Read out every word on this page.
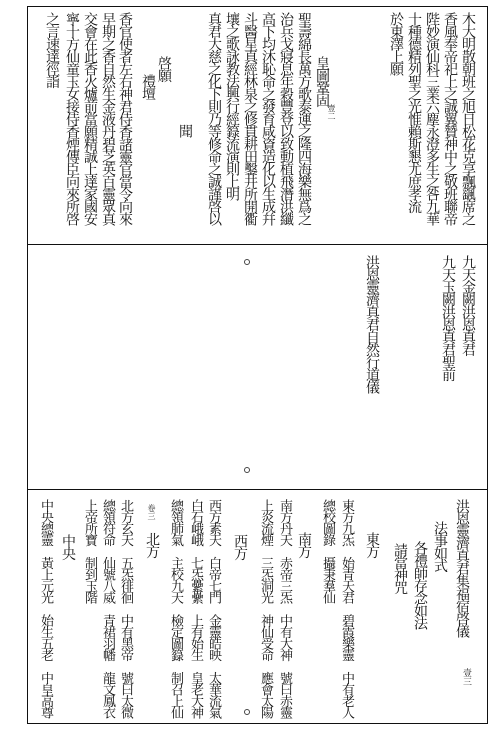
木大明散朝班之旭日松花克享飄颻席之
香風奉帝祀上之誠翼贊神中之敬班聯帝
陛妙演仙科三業六塵永澄多生之咎九華
十種德精列聖之光惟賴斯懇尤庶孝流
於東澤上願
壹二
皇圖鞏固
聖壽綿長萬方歌泰運之隆四海樂無爲之
治兵戈寢息年穀豐登以致動植飛潛洪纖
高下均沐恥命之發育咸資造化以生成幷
斗醫星真經林泉之修貫耕田鑿井所開衢
壤之歌詠教法興行經籙流演則上明
真君大慈之化下則乃等修命之誠謹啓以
聞
啓願
禮壇
香官使者左右神君侍香諸靈官當令向來
早期之香自然生金液丹碧芝英百靈眾真
交會在此香火爐前當願精誠上達家國安
寧十方仙童玉女接侍香煙傳臣向來所啓
之言速達徑詣
九天金闕洪恩真君
九天玉闕洪恩真君聖前
洪恩靈濟真君自然行道儀
洪恩靈濟真君集福宿啓儀
法事如式
各禮師存念如法
請當神咒
東方
東方九炁　始青天君　碧霞樂靈　中有老人
總校圖錄　攝秉羣仙
南方
南方丹天　赤帝三炁　中有大神　號曰赤靈
上炎流煙　三炁洞光　神仙受命　應會太陽
西方
西方素天　白帝七門　金靈皓映　太華流氣
白石峨峨　七炁纍纍　上有始生　皇老大神
總領肺氣　主校九天　檢定圖籙　制召上仙
卷三
北方
北方玄天　五炁徘徊　中有黑帝　號曰太微
總領符命　仙號八威　青裙羽幡　龍文鳳衣
上帝所寶　制到玉階
中央
中央總靈　黃上元光　始生五老　中皇高尊	壹三
